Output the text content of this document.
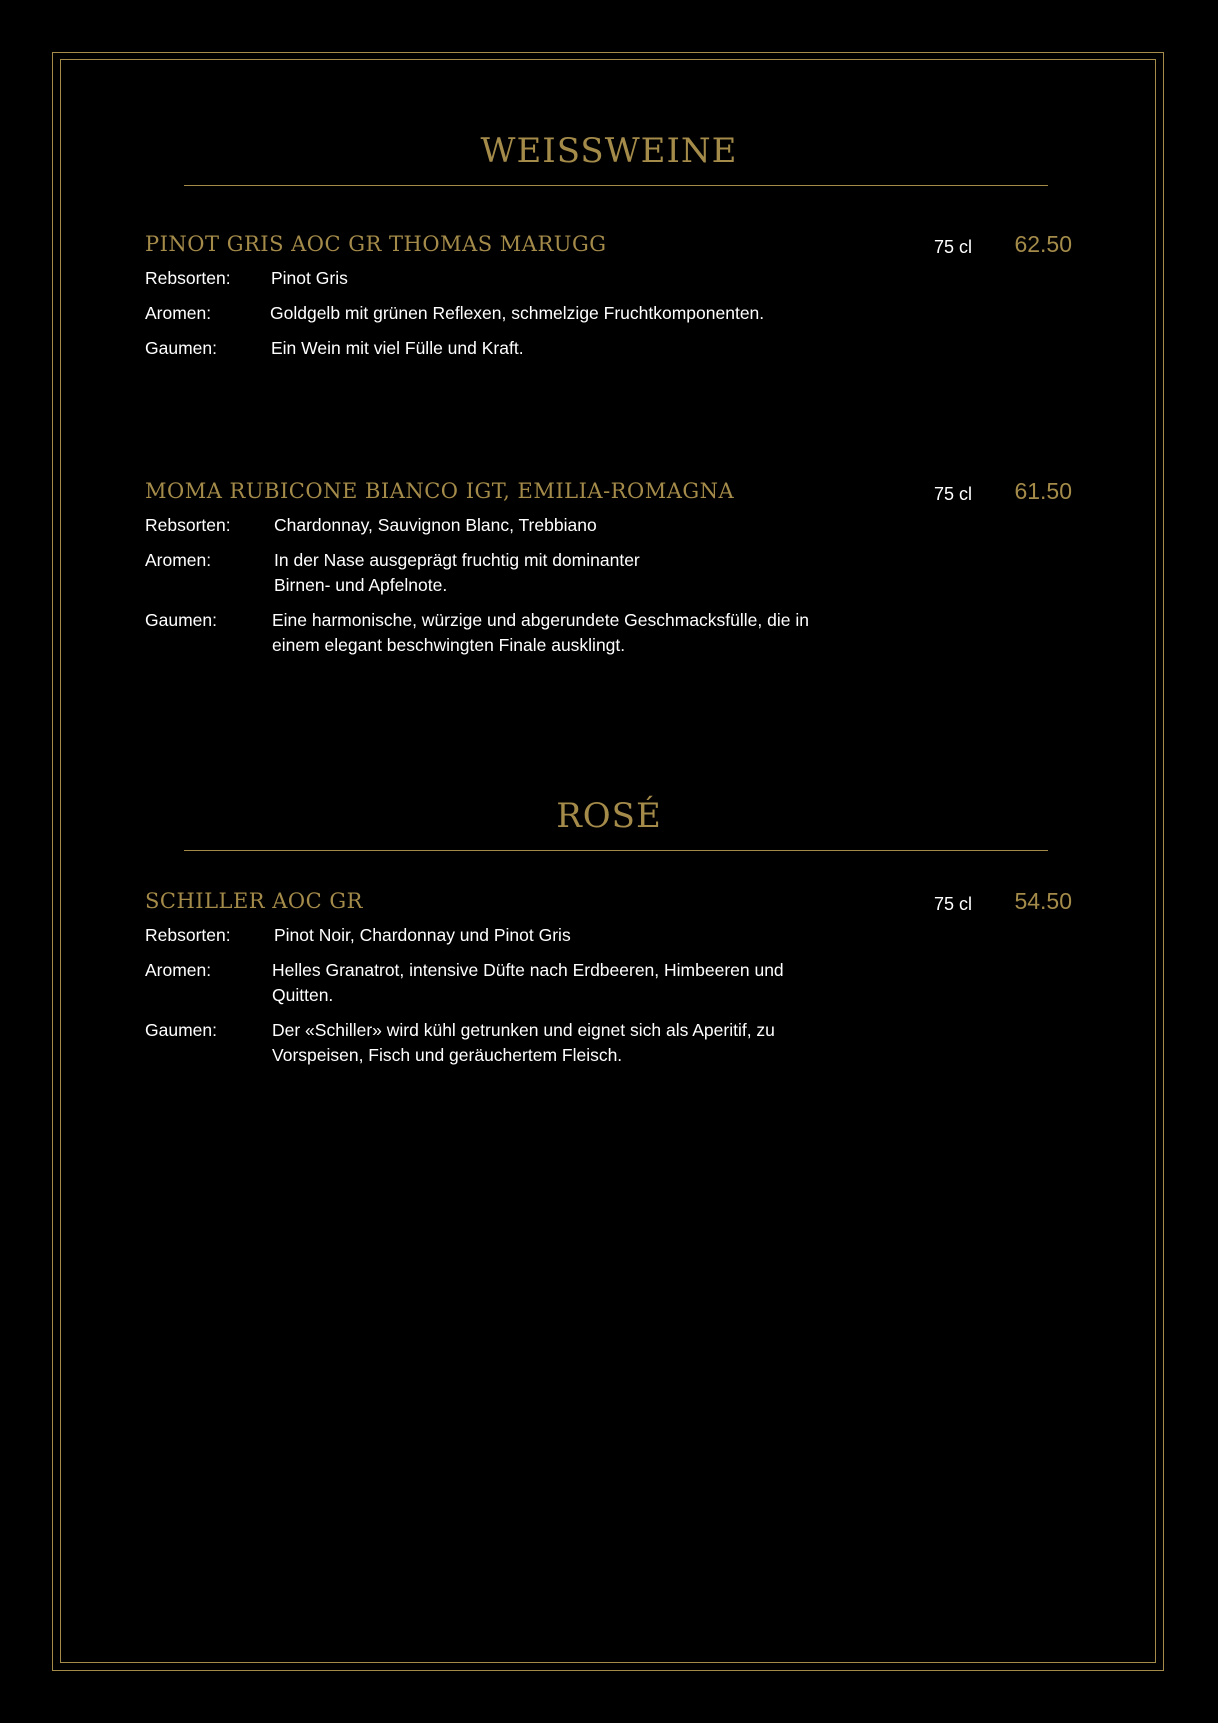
WEISSWEINE
PINOT GRIS AOC GR THOMAS MARUGG	75 cl 62.50
Rebsorten:	Pinot Gris
Aromen:	Goldgelb mit grünen Reflexen, schmelzige Fruchtkomponenten.
Gaumen:	Ein Wein mit viel Fülle und Kraft.
MOMA RUBICONE BIANCO IGT, EMILIA-ROMAGNA	75 cl 61.50
Rebsorten:	Chardonnay, Sauvignon Blanc, Trebbiano
Aromen:	In der Nase ausgeprägt fruchtig mit dominanter Birnen- und Apfelnote.
Gaumen:	Eine harmonische, würzige und abgerundete Geschmacksfülle, die in einem elegant beschwingten Finale ausklingt.
ROSÉ
SCHILLER AOC GR	75 cl 54.50
Rebsorten:	Pinot Noir, Chardonnay und Pinot Gris
Aromen:	Helles Granatrot, intensive Düfte nach Erdbeeren, Himbeeren und Quitten.
Gaumen:	Der «Schiller» wird kühl getrunken und eignet sich als Aperitif, zu Vorspeisen, Fisch und geräuchertem Fleisch.
